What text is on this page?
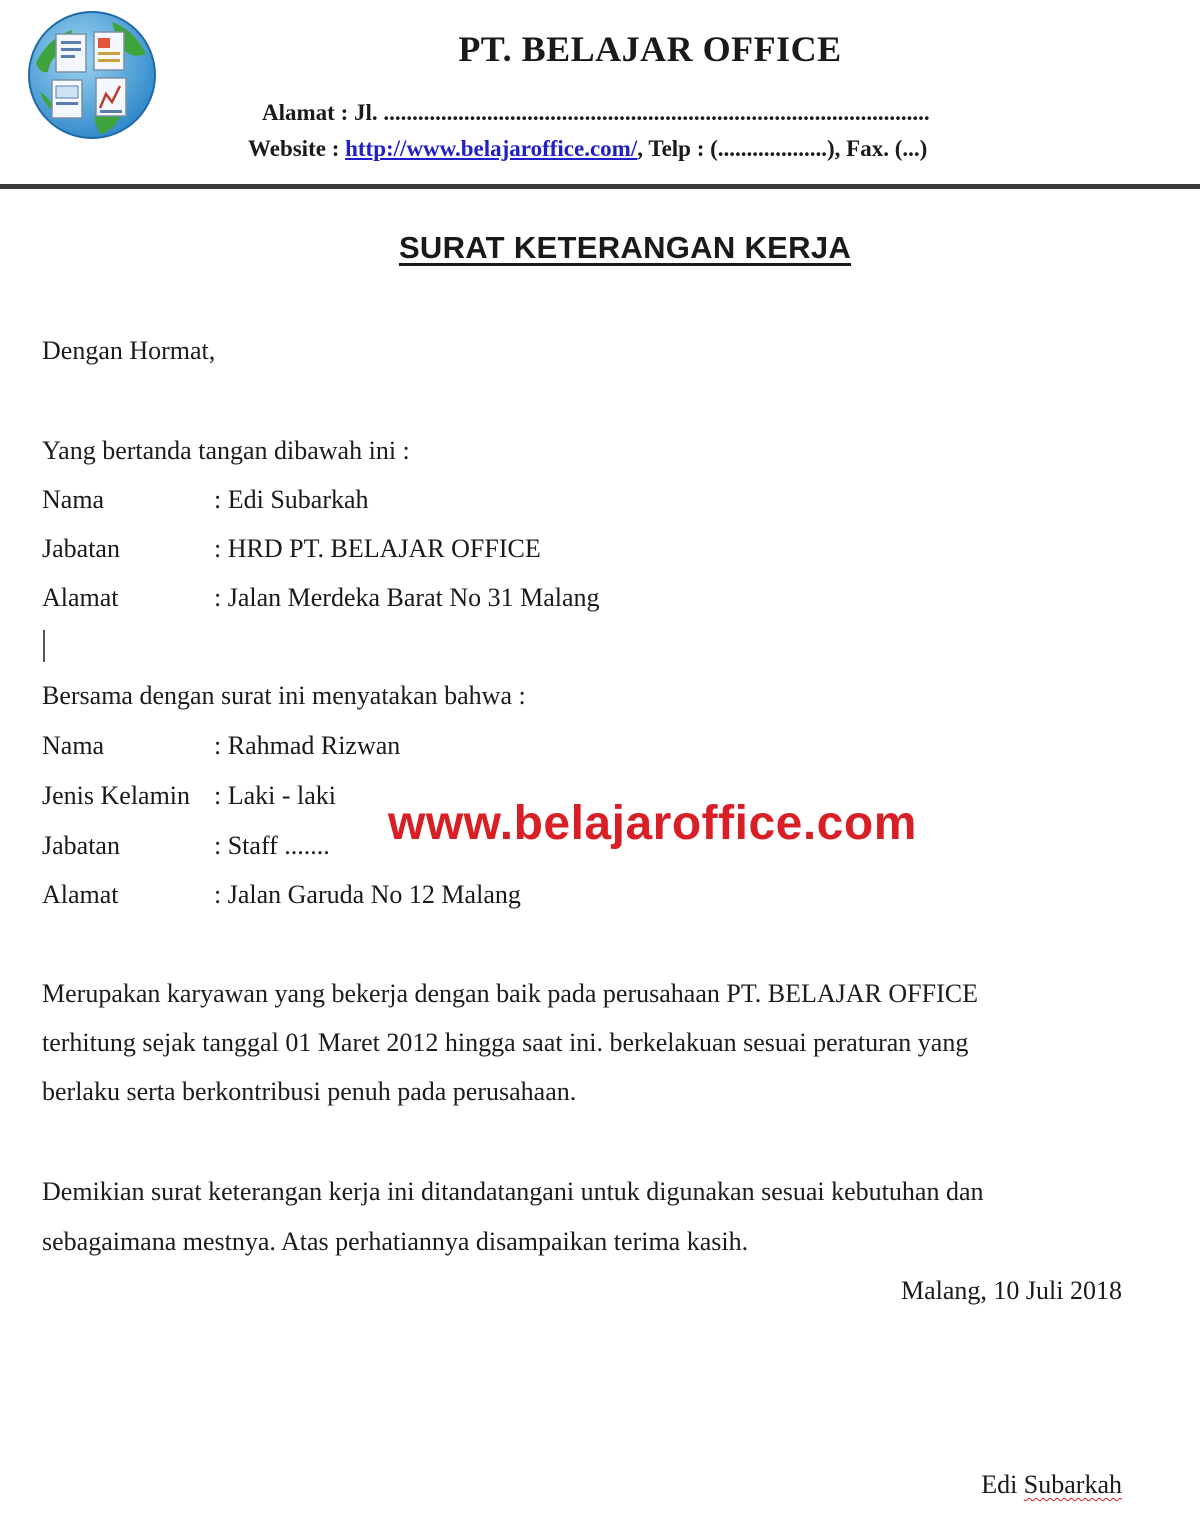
PT. BELAJAR OFFICE
Alamat : Jl. ...............................................................................................
Website : http://www.belajaroffice.com/, Telp : (...................), Fax. (...)
SURAT KETERANGAN KERJA
Dengan Hormat,
Yang bertanda tangan dibawah ini :
Nama	: Edi Subarkah
Jabatan	: HRD PT. BELAJAR OFFICE
Alamat	: Jalan Merdeka Barat No 31 Malang
Bersama dengan surat ini menyatakan bahwa :
Nama	: Rahmad Rizwan
Jenis Kelamin : Laki - laki
Jabatan	: Staff .......
Alamat	: Jalan Garuda No 12 Malang
www.belajaroffice.com
Merupakan karyawan yang bekerja dengan baik pada perusahaan PT. BELAJAR OFFICE
terhitung sejak tanggal 01 Maret 2012 hingga saat ini. berkelakuan sesuai peraturan yang
berlaku serta berkontribusi penuh pada perusahaan.
Demikian surat keterangan kerja ini ditandatangani untuk digunakan sesuai kebutuhan dan
sebagaimana mestnya. Atas perhatiannya disampaikan terima kasih.
Malang, 10 Juli 2018
Edi Subarkah
